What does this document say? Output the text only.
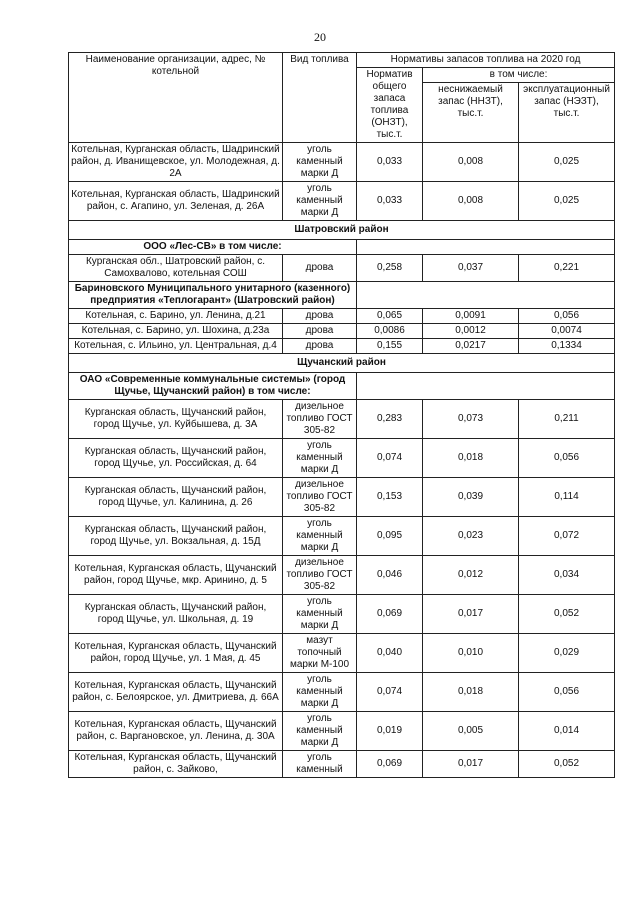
20
Наименование организации, адрес, № котельной	Вид топлива	Нормативы запасов топлива на 2020 год		
		Норматив общего запаса топлива (ОНЗТ), тыс.т.	в том числе:	
			неснижаемый запас (ННЗТ), тыс.т.	эксплуатационный запас (НЭЗТ), тыс.т.
Котельная, Курганская область, Шадринский район, д. Иванищевское, ул. Молодежная, д. 2А	уголь каменный марки Д	0,033	0,008	0,025
Котельная, Курганская область, Шадринский район, с. Агапино, ул. Зеленая, д. 26А	уголь каменный марки Д	0,033	0,008	0,025
Шатровский район				
ООО «Лес-СВ» в том числе:				
Курганская обл., Шатровский район, с. Самохвалово, котельная СОШ	дрова	0,258	0,037	0,221
Бариновского Муниципального унитарного (казенного) предприятия «Теплогарант» (Шатровский район)				
Котельная, с. Барино, ул. Ленина, д.21	дрова	0,065	0,0091	0,056
Котельная, с. Барино, ул. Шохина, д.23а	дрова	0,0086	0,0012	0,0074
Котельная, с. Ильино, ул. Центральная, д.4	дрова	0,155	0,0217	0,1334
Щучанский район				
ОАО «Современные коммунальные системы» (город Щучье, Щучанский район) в том числе:				
Курганская область, Щучанский район, город Щучье, ул. Куйбышева, д. 3А	дизельное топливо ГОСТ 305-82	0,283	0,073	0,211
Курганская область, Щучанский район, город Щучье, ул. Российская, д. 64	уголь каменный марки Д	0,074	0,018	0,056
Курганская область, Щучанский район, город Щучье, ул. Калинина, д. 26	дизельное топливо ГОСТ 305-82	0,153	0,039	0,114
Курганская область, Щучанский район, город Щучье, ул. Вокзальная, д. 15Д	уголь каменный марки Д	0,095	0,023	0,072
Котельная, Курганская область, Щучанский район, город Щучье, мкр. Аринино, д. 5	дизельное топливо ГОСТ 305-82	0,046	0,012	0,034
Курганская область, Щучанский район, город Щучье, ул. Школьная, д. 19	уголь каменный марки Д	0,069	0,017	0,052
Котельная, Курганская область, Щучанский район, город Щучье, ул. 1 Мая, д. 45	мазут топочный марки М-100	0,040	0,010	0,029
Котельная, Курганская область, Щучанский район, с. Белоярское, ул. Дмитриева, д. 66А	уголь каменный марки Д	0,074	0,018	0,056
Котельная, Курганская область, Щучанский район, с. Варгановское, ул. Ленина, д. 30А	уголь каменный марки Д	0,019	0,005	0,014
Котельная, Курганская область, Щучанский район, с. Зайково,	уголь каменный	0,069	0,017	0,052
